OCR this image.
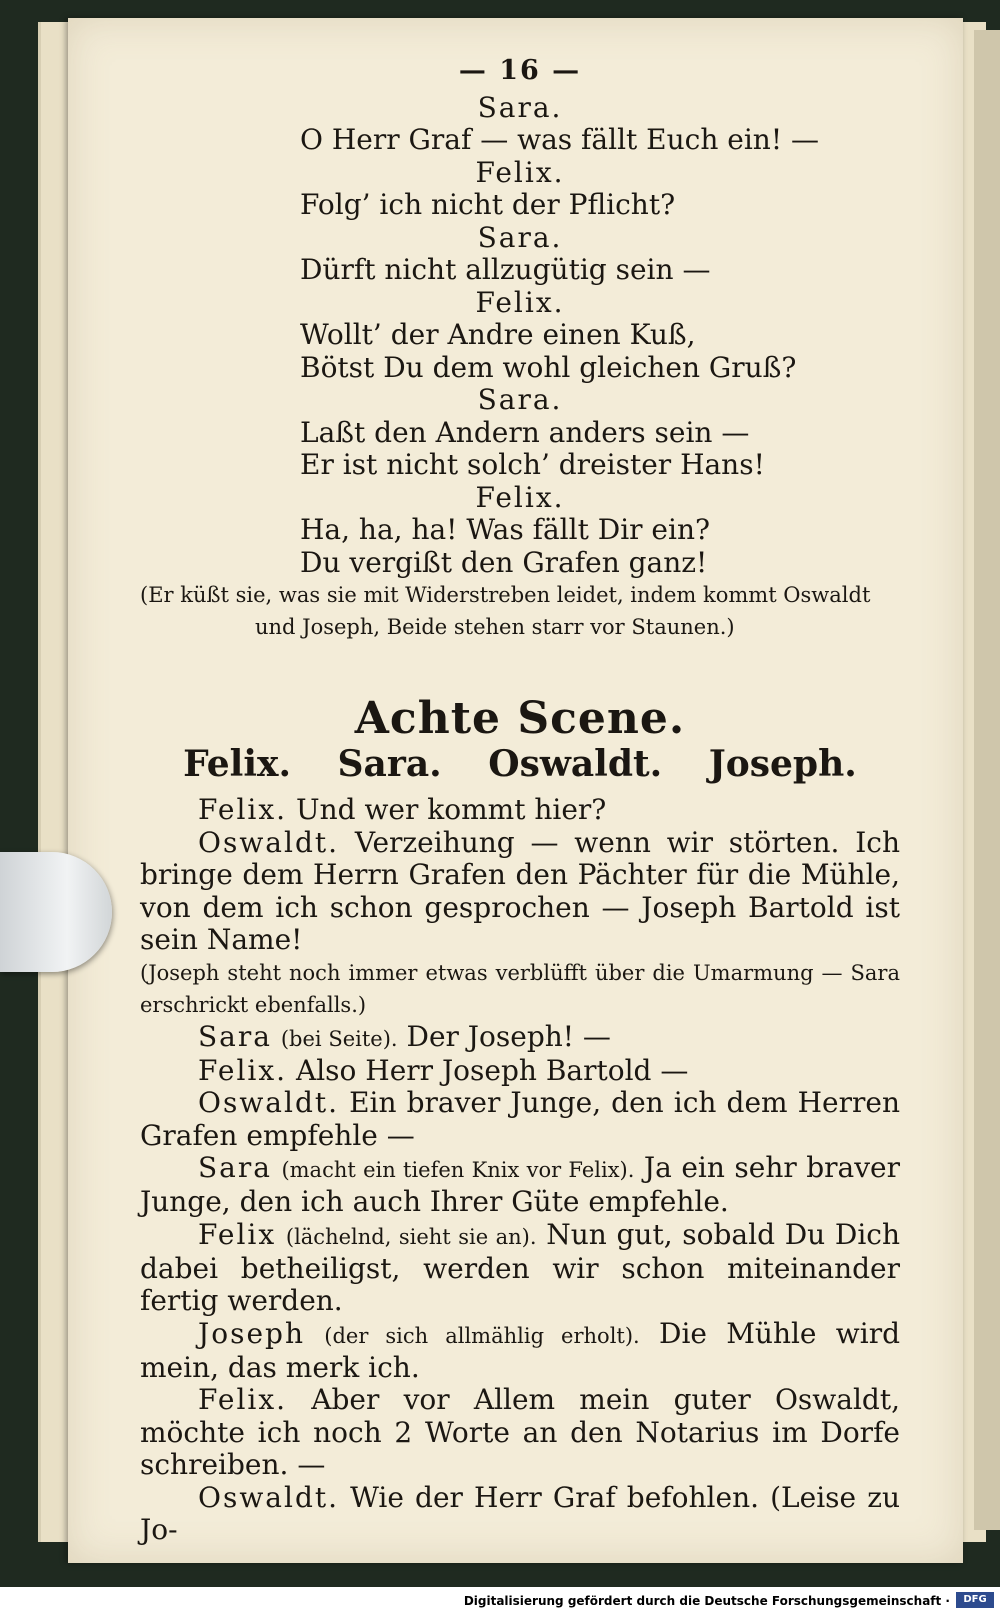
— 16 —
Sara.
O Herr Graf — was fällt Euch ein! —
Felix.
Folg’ ich nicht der Pflicht?
Sara.
Dürft nicht allzugütig sein —
Felix.
Wollt’ der Andre einen Kuß,
Bötst Du dem wohl gleichen Gruß?
Sara.
Laßt den Andern anders sein —
Er ist nicht solch’ dreister Hans!
Felix.
Ha, ha, ha! Was fällt Dir ein?
Du vergißt den Grafen ganz!
(Er küßt sie, was sie mit Widerstreben leidet, indem kommt Oswaldt
und Joseph, Beide stehen starr vor Staunen.)
Achte Scene.
Felix. Sara. Oswaldt. Joseph.
Felix. Und wer kommt hier?
Oswaldt. Verzeihung — wenn wir störten. Ich bringe dem Herrn Grafen den Pächter für die Mühle, von dem ich schon gesprochen — Joseph Bartold ist sein Name!
(Joseph steht noch immer etwas verblüfft über die Umarmung — Sara erschrickt ebenfalls.)
Sara (bei Seite). Der Joseph! —
Felix. Also Herr Joseph Bartold —
Oswaldt. Ein braver Junge, den ich dem Herren Grafen empfehle —
Sara (macht ein tiefen Knix vor Felix). Ja ein sehr braver Junge, den ich auch Ihrer Güte empfehle.
Felix (lächelnd, sieht sie an). Nun gut, sobald Du Dich dabei betheiligst, werden wir schon miteinander fertig werden.
Joseph (der sich allmählig erholt). Die Mühle wird mein, das merk ich.
Felix. Aber vor Allem mein guter Oswaldt, möchte ich noch 2 Worte an den Notarius im Dorfe schreiben. —
Oswaldt. Wie der Herr Graf befohlen. (Leise zu Jo-
Digitalisierung gefördert durch die Deutsche Forschungsgemeinschaft ·	DFG
